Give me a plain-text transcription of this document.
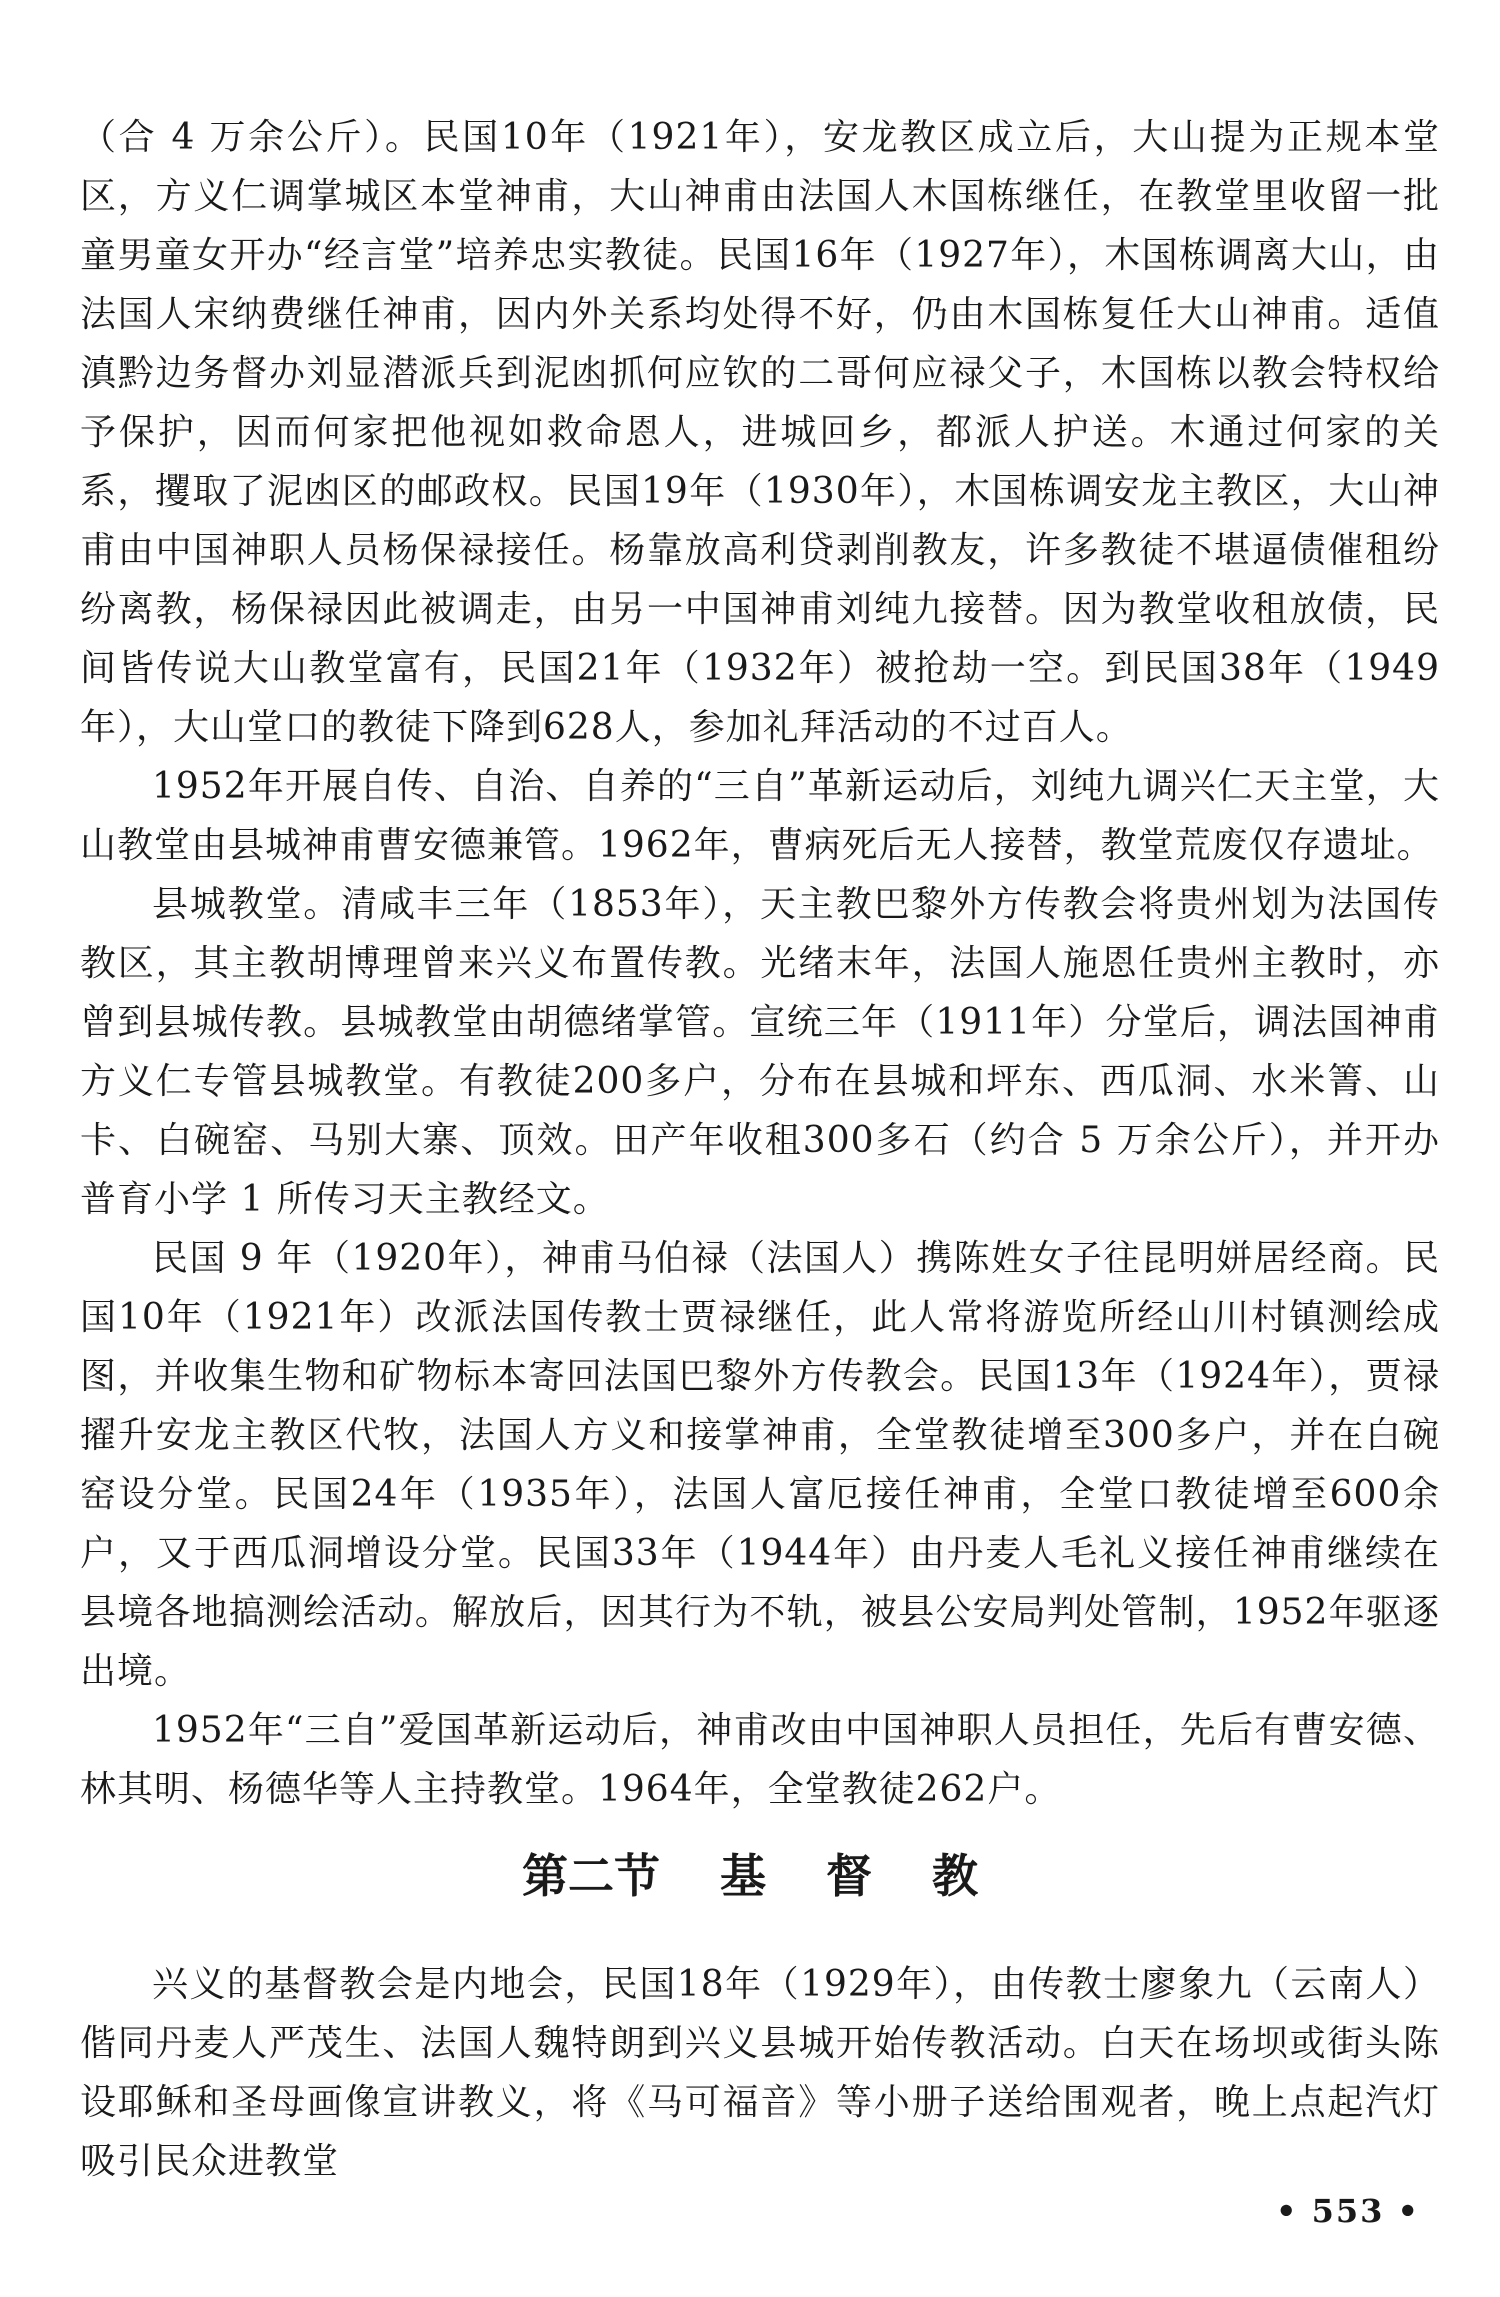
（合 4 万余公斤）。民国10年（1921年），安龙教区成立后，大山提为正规本堂区，方义仁调掌城区本堂神甫，大山神甫由法国人木国栋继任，在教堂里收留一批童男童女开办“经言堂”培养忠实教徒。民国16年（1927年），木国栋调离大山，由法国人宋纳费继任神甫，因内外关系均处得不好，仍由木国栋复任大山神甫。适值滇黔边务督办刘显潜派兵到泥凼抓何应钦的二哥何应禄父子，木国栋以教会特权给予保护，因而何家把他视如救命恩人，进城回乡，都派人护送。木通过何家的关系，攫取了泥凼区的邮政权。民国19年（1930年），木国栋调安龙主教区，大山神甫由中国神职人员杨保禄接任。杨靠放高利贷剥削教友，许多教徒不堪逼债催租纷纷离教，杨保禄因此被调走，由另一中国神甫刘纯九接替。因为教堂收租放债，民间皆传说大山教堂富有，民国21年（1932年）被抢劫一空。到民国38年（1949年），大山堂口的教徒下降到628人，参加礼拜活动的不过百人。

1952年开展自传、自治、自养的“三自”革新运动后，刘纯九调兴仁天主堂，大山教堂由县城神甫曹安德兼管。1962年，曹病死后无人接替，教堂荒废仅存遗址。

县城教堂。清咸丰三年（1853年），天主教巴黎外方传教会将贵州划为法国传教区，其主教胡博理曾来兴义布置传教。光绪末年，法国人施恩任贵州主教时，亦曾到县城传教。县城教堂由胡德绪掌管。宣统三年（1911年）分堂后，调法国神甫方义仁专管县城教堂。有教徒200多户，分布在县城和坪东、西瓜洞、水米箐、山卡、白碗窑、马别大寨、顶效。田产年收租300多石（约合 5 万余公斤），并开办普育小学 1 所传习天主教经文。

民国 9 年（1920年），神甫马伯禄（法国人）携陈姓女子往昆明姘居经商。民国10年（1921年）改派法国传教士贾禄继任，此人常将游览所经山川村镇测绘成图，并收集生物和矿物标本寄回法国巴黎外方传教会。民国13年（1924年），贾禄擢升安龙主教区代牧，法国人方义和接掌神甫，全堂教徒增至300多户，并在白碗窑设分堂。民国24年（1935年），法国人富厄接任神甫，全堂口教徒增至600余户，又于西瓜洞增设分堂。民国33年（1944年）由丹麦人毛礼义接任神甫继续在县境各地搞测绘活动。解放后，因其行为不轨，被县公安局判处管制，1952年驱逐出境。

1952年“三自”爱国革新运动后，神甫改由中国神职人员担任，先后有曹安德、林其明、杨德华等人主持教堂。1964年，全堂教徒262户。

第二节 基 督 教

兴义的基督教会是内地会，民国18年（1929年），由传教士廖象九（云南人）偕同丹麦人严茂生、法国人魏特朗到兴义县城开始传教活动。白天在场坝或街头陈设耶稣和圣母画像宣讲教义，将《马可福音》等小册子送给围观者，晚上点起汽灯吸引民众进教堂

• 553 •
